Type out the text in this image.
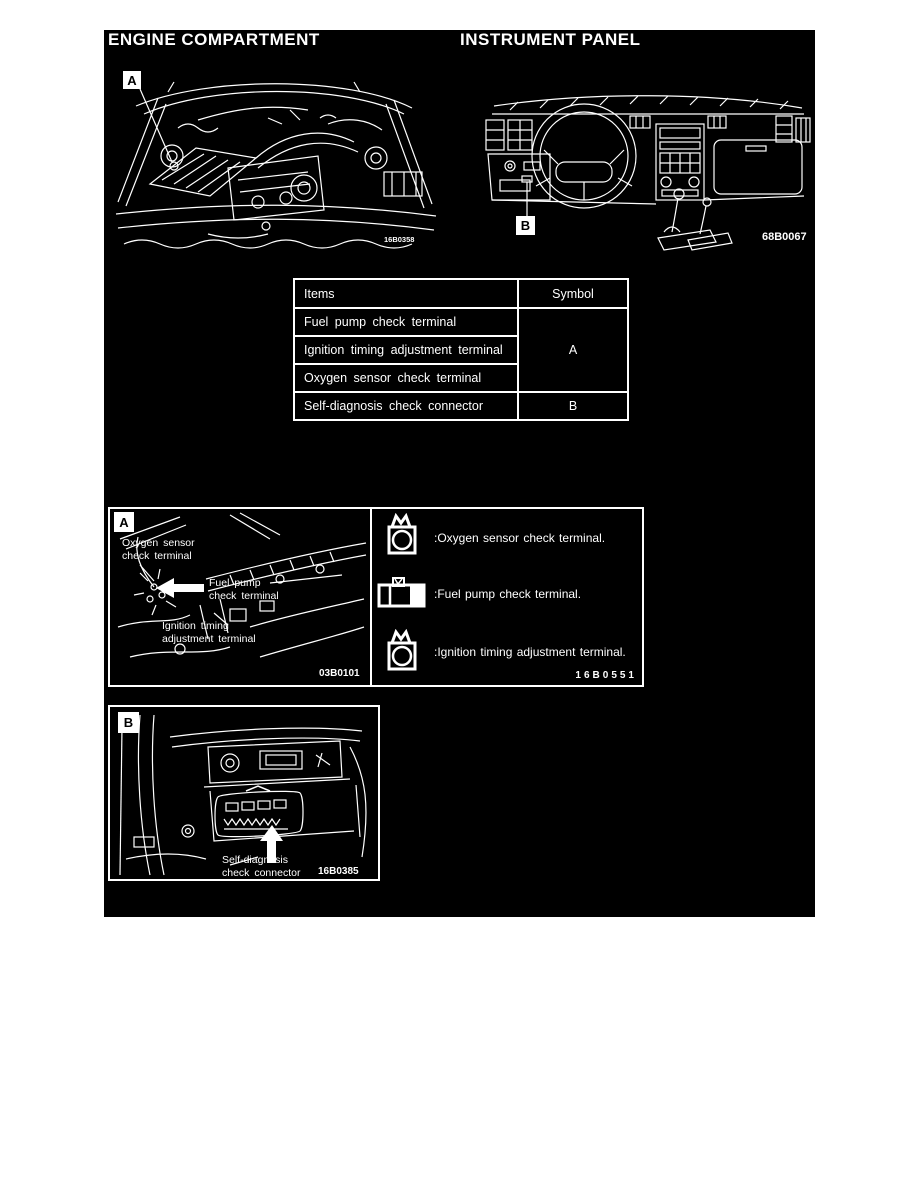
ENGINE COMPARTMENT	INSTRUMENT PANEL
A
16B0358
B
68B0067
Items	Symbol
Fuel pump check terminal	A
Ignition timing adjustment terminal	
Oxygen sensor check terminal	
Self-diagnosis check connector	B
A
Oxygen sensor
check terminal
Fuel pump
check terminal
Ignition timing
adjustment terminal
03B0101
:Oxygen sensor check terminal.
:Fuel pump check terminal.
:Ignition timing adjustment terminal.
16B0551
B
Self-diagnosis
check connector 16B0385
